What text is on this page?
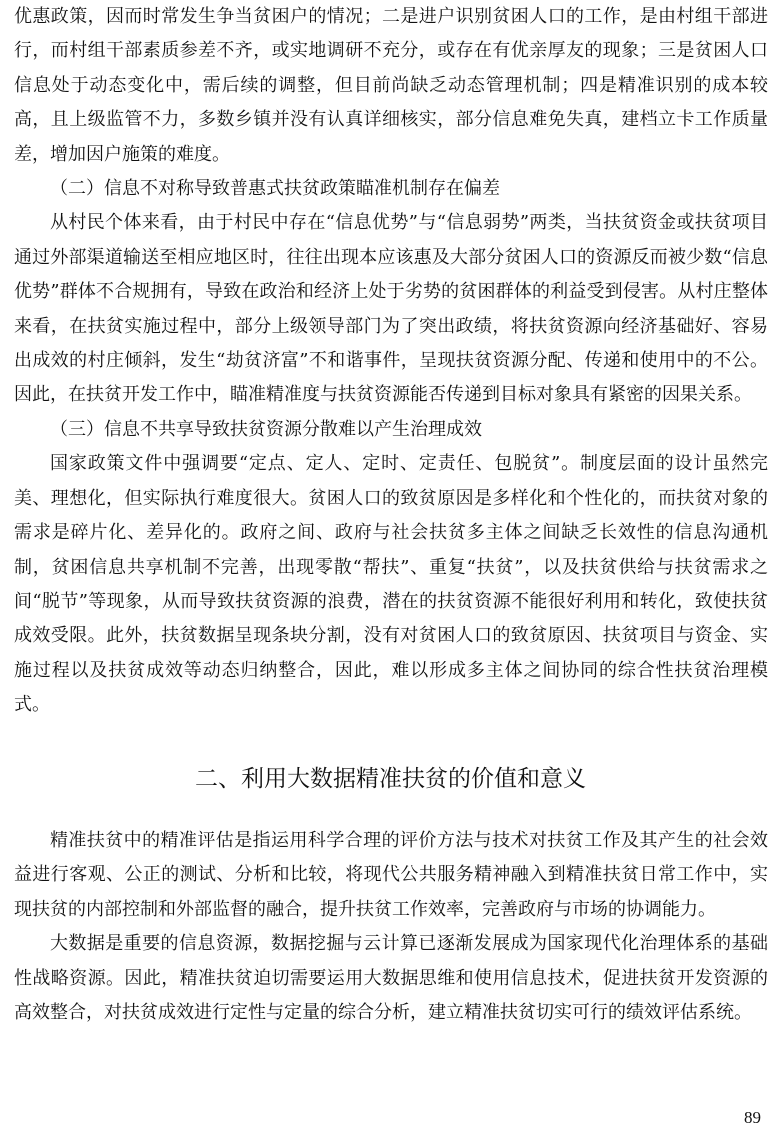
优惠政策，因而时常发生争当贫困户的情况；二是进户识别贫困人口的工作，是由村组干部进行，而村组干部素质参差不齐，或实地调研不充分，或存在有优亲厚友的现象；三是贫困人口信息处于动态变化中，需后续的调整，但目前尚缺乏动态管理机制；四是精准识别的成本较高，且上级监管不力，多数乡镇并没有认真详细核实，部分信息难免失真，建档立卡工作质量差，增加因户施策的难度。

（二）信息不对称导致普惠式扶贫政策瞄准机制存在偏差

从村民个体来看，由于村民中存在“信息优势”与“信息弱势”两类，当扶贫资金或扶贫项目通过外部渠道输送至相应地区时，往往出现本应该惠及大部分贫困人口的资源反而被少数“信息优势”群体不合规拥有，导致在政治和经济上处于劣势的贫困群体的利益受到侵害。从村庄整体来看，在扶贫实施过程中，部分上级领导部门为了突出政绩，将扶贫资源向经济基础好、容易出成效的村庄倾斜，发生“劫贫济富”不和谐事件，呈现扶贫资源分配、传递和使用中的不公。因此，在扶贫开发工作中，瞄准精准度与扶贫资源能否传递到目标对象具有紧密的因果关系。

（三）信息不共享导致扶贫资源分散难以产生治理成效

国家政策文件中强调要“定点、定人、定时、定责任、包脱贫”。制度层面的设计虽然完美、理想化，但实际执行难度很大。贫困人口的致贫原因是多样化和个性化的，而扶贫对象的需求是碎片化、差异化的。政府之间、政府与社会扶贫多主体之间缺乏长效性的信息沟通机制，贫困信息共享机制不完善，出现零散“帮扶”、重复“扶贫”，以及扶贫供给与扶贫需求之间“脱节”等现象，从而导致扶贫资源的浪费，潜在的扶贫资源不能很好利用和转化，致使扶贫成效受限。此外，扶贫数据呈现条块分割，没有对贫困人口的致贫原因、扶贫项目与资金、实施过程以及扶贫成效等动态归纳整合，因此，难以形成多主体之间协同的综合性扶贫治理模式。

二、利用大数据精准扶贫的价值和意义

精准扶贫中的精准评估是指运用科学合理的评价方法与技术对扶贫工作及其产生的社会效益进行客观、公正的测试、分析和比较，将现代公共服务精神融入到精准扶贫日常工作中，实现扶贫的内部控制和外部监督的融合，提升扶贫工作效率，完善政府与市场的协调能力。

大数据是重要的信息资源，数据挖掘与云计算已逐渐发展成为国家现代化治理体系的基础性战略资源。因此，精准扶贫迫切需要运用大数据思维和使用信息技术，促进扶贫开发资源的高效整合，对扶贫成效进行定性与定量的综合分析，建立精准扶贫切实可行的绩效评估系统。

89
